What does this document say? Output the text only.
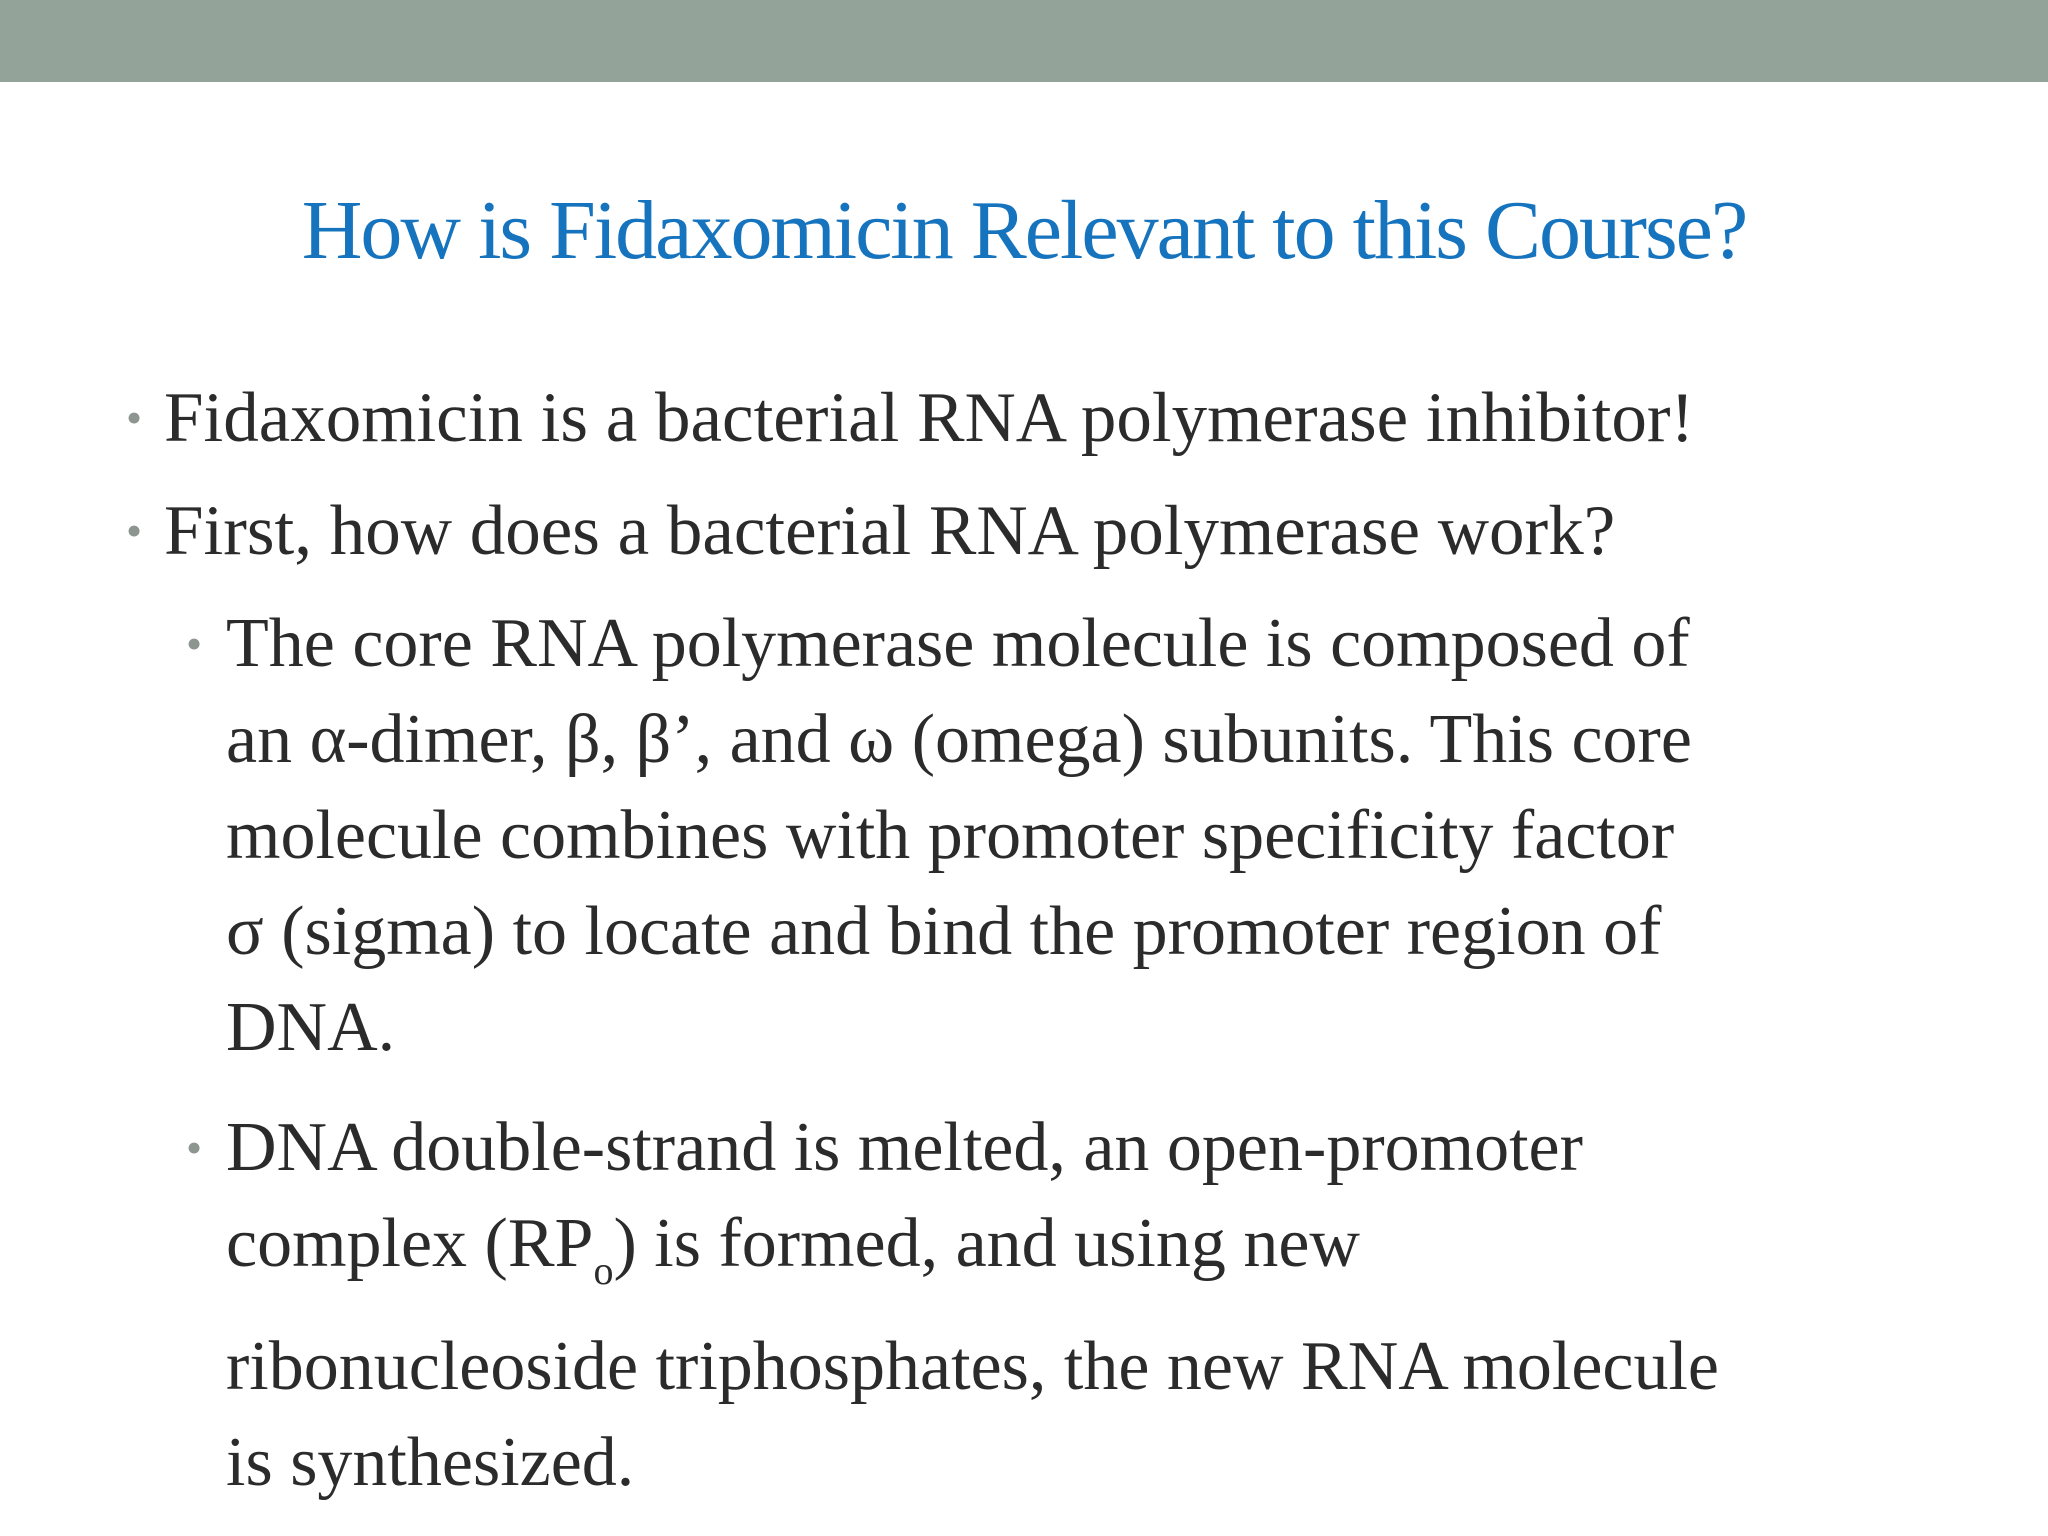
How is Fidaxomicin Relevant to this Course?
• Fidaxomicin is a bacterial RNA polymerase inhibitor!
• First, how does a bacterial RNA polymerase work?
• The core RNA polymerase molecule is composed of
an α-dimer, β, β’, and ω (omega) subunits. This core
molecule combines with promoter specificity factor
σ (sigma) to locate and bind the promoter region of
DNA.
• DNA double-strand is melted, an open-promoter
complex $(RP_o)$ is formed, and using new
ribonucleoside triphosphates, the new RNA molecule
is synthesized.
